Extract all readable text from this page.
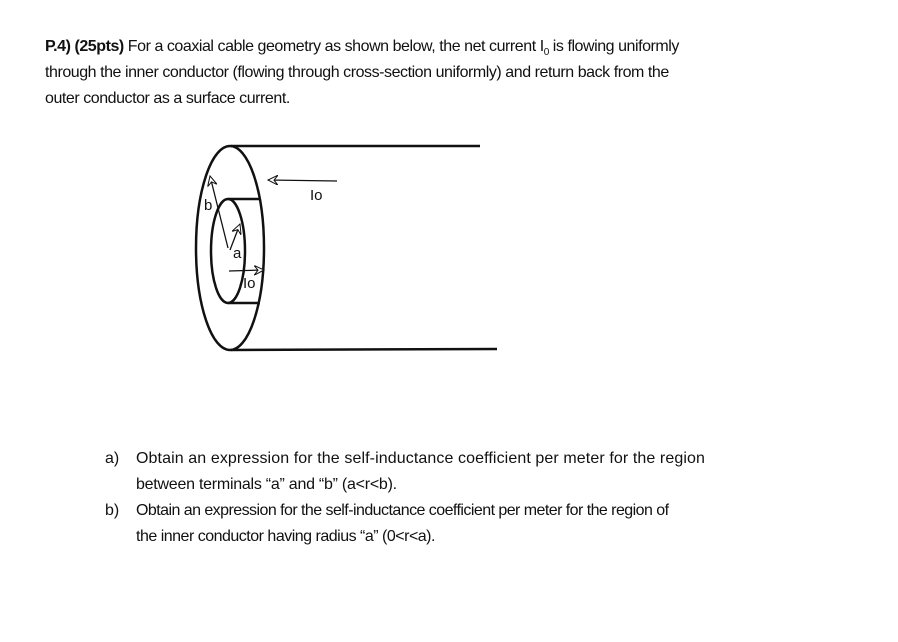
P.4) (25pts) For a coaxial cable geometry as shown below, the net current $I_0$ is flowing uniformly
through the inner conductor (flowing through cross-section uniformly) and return back from the
outer conductor as a surface current.
Io
b
a
Io
a) Obtain an expression for the self-inductance coefficient per meter for the region
between terminals “a” and “b” (a<r<b).
b) Obtain an expression for the self-inductance coefficient per meter for the region of
the inner conductor having radius “a” (0<r<a).
